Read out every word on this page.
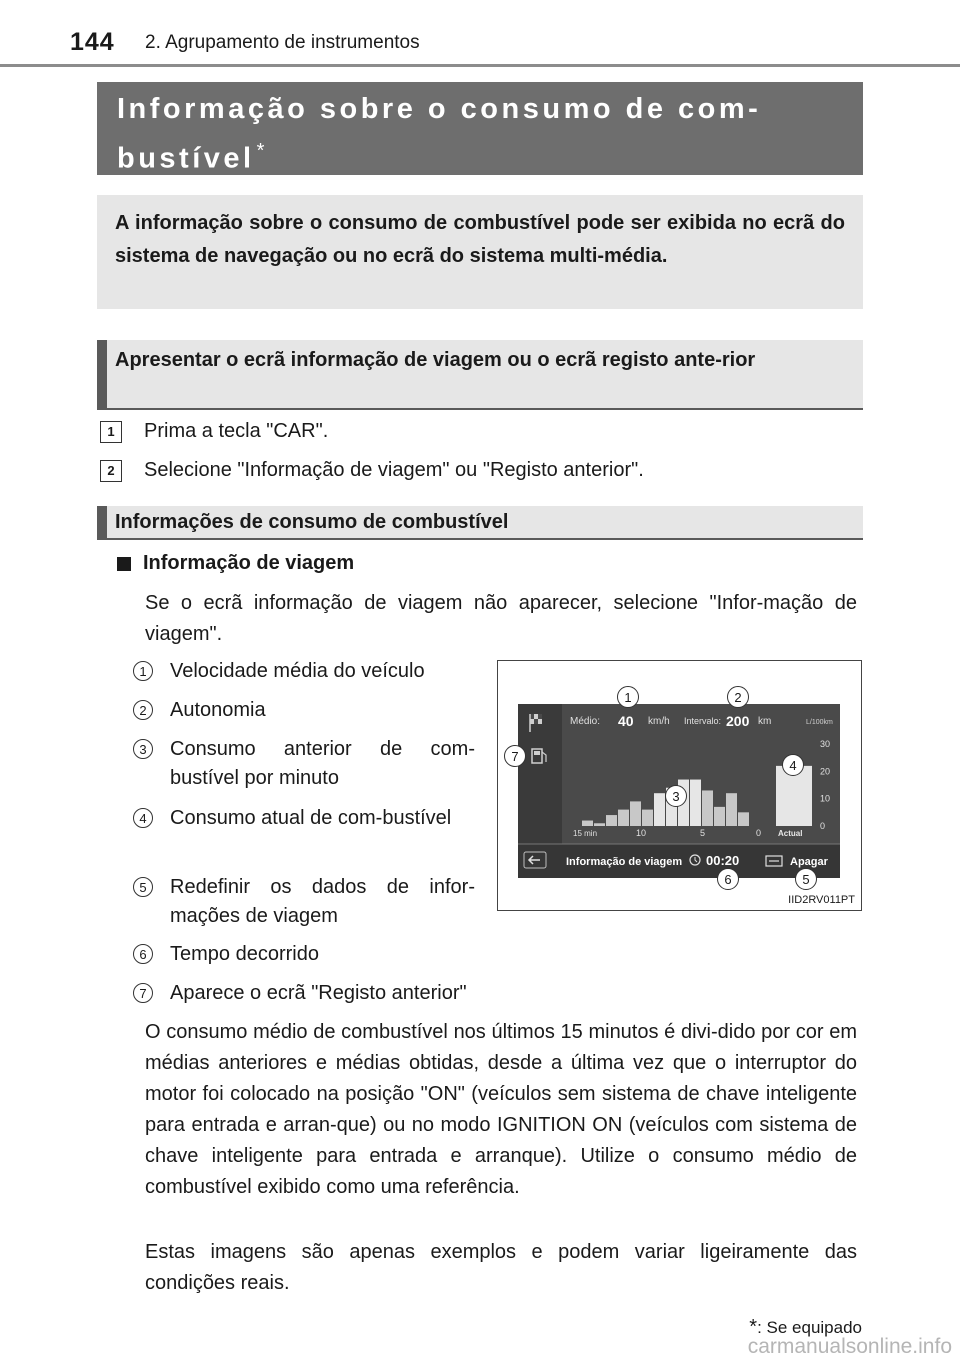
144 2. Agrupamento de instrumentos
Informação sobre o consumo de com-
bustível *
A informação sobre o consumo de combustível pode ser exibida no ecrã do sistema de navegação ou no ecrã do sistema multi-média.
Apresentar o ecrã informação de viagem ou o ecrã registo ante-rior
1	Prima a tecla "CAR".
2	Selecione "Informação de viagem" ou "Registo anterior".
Informações de consumo de combustível
Informação de viagem
Se o ecrã informação de viagem não aparecer, selecione "Infor-mação de viagem".
1	Velocidade média do veículo
2	Autonomia
3	Consumo anterior de com-bustível por minuto
4	Consumo atual de com-bustível
5	Redefinir os dados de infor-mações de viagem
6	Tempo decorrido
7	Aparece o ecrã "Registo anterior"
Médio: 40 km/h Intervalo: 200 km	L/100km
30
20
10
0
15 min	10	5	0 Actual
Informação de viagem 00:20	Apagar
1	2
3
4
5
6
7
IID2RV011PT
O consumo médio de combustível nos últimos 15 minutos é divi-dido por cor em médias anteriores e médias obtidas, desde a última vez que o interruptor do motor foi colocado na posição "ON" (veículos sem sistema de chave inteligente para entrada e arran-que) ou no modo IGNITION ON (veículos com sistema de chave inteligente para entrada e arranque). Utilize o consumo médio de combustível exibido como uma referência.
Estas imagens são apenas exemplos e podem variar ligeiramente das condições reais.
*: Se equipado
carmanualsonline.info
